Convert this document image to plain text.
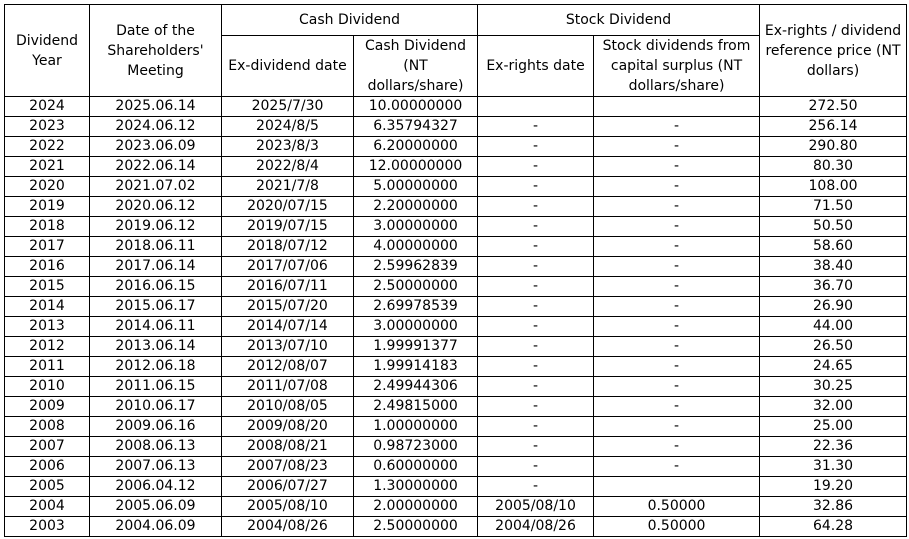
Dividend Year	Date of the Shareholders' Meeting	Cash Dividend		Stock Dividend		Ex-rights / dividend reference price (NT dollars)
		Ex-dividend date	Cash Dividend (NT dollars/share)	Ex-rights date	Stock dividends from capital surplus (NT dollars/share)	
2024	2025.06.14	2025/7/30	10.00000000			272.50
2023	2024.06.12	2024/8/5	6.35794327	-	-	256.14
2022	2023.06.09	2023/8/3	6.20000000	-	-	290.80
2021	2022.06.14	2022/8/4	12.00000000	-	-	80.30
2020	2021.07.02	2021/7/8	5.00000000	-	-	108.00
2019	2020.06.12	2020/07/15	2.20000000	-	-	71.50
2018	2019.06.12	2019/07/15	3.00000000	-	-	50.50
2017	2018.06.11	2018/07/12	4.00000000	-	-	58.60
2016	2017.06.14	2017/07/06	2.59962839	-	-	38.40
2015	2016.06.15	2016/07/11	2.50000000	-	-	36.70
2014	2015.06.17	2015/07/20	2.69978539	-	-	26.90
2013	2014.06.11	2014/07/14	3.00000000	-	-	44.00
2012	2013.06.14	2013/07/10	1.99991377	-	-	26.50
2011	2012.06.18	2012/08/07	1.99914183	-	-	24.65
2010	2011.06.15	2011/07/08	2.49944306	-	-	30.25
2009	2010.06.17	2010/08/05	2.49815000	-	-	32.00
2008	2009.06.16	2009/08/20	1.00000000	-	-	25.00
2007	2008.06.13	2008/08/21	0.98723000	-	-	22.36
2006	2007.06.13	2007/08/23	0.60000000	-	-	31.30
2005	2006.04.12	2006/07/27	1.30000000	-		19.20
2004	2005.06.09	2005/08/10	2.00000000	2005/08/10	0.50000	32.86
2003	2004.06.09	2004/08/26	2.50000000	2004/08/26	0.50000	64.28
